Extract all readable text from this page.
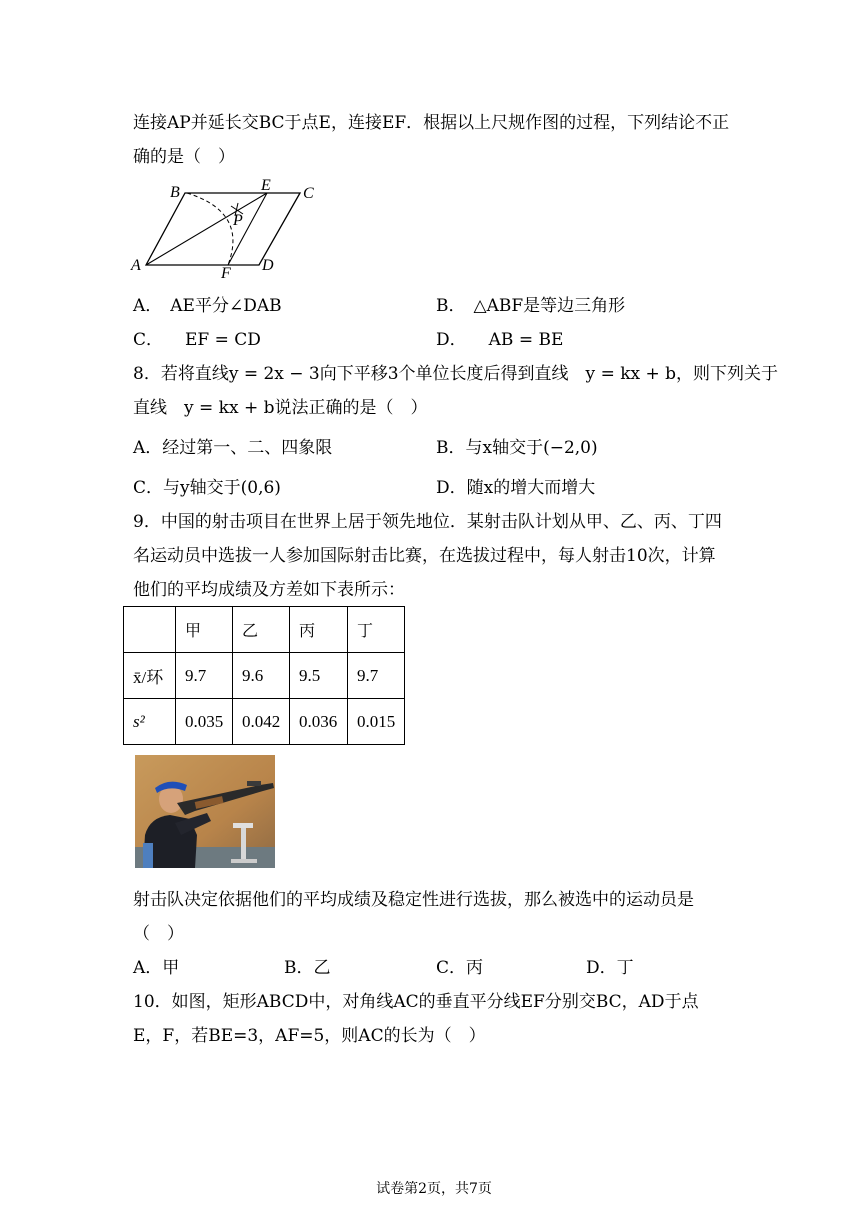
连接AP并延长交BC于点E，连接EF．根据以上尺规作图的过程，下列结论不正
确的是（　）
B	E C
P
A	F D
A． AE平分∠DAB	B． △ABF是等边三角形
C． EF = CD	D． AB = BE
8．若将直线y = 2x − 3向下平移3个单位长度后得到直线　y = kx + b，则下列关于
直线　y = kx + b说法正确的是（　）
A．经过第一、二、四象限	B．与x轴交于(−2,0)
C．与y轴交于(0,6)	D．随x的增大而增大
9．中国的射击项目在世界上居于领先地位．某射击队计划从甲、乙、丙、丁四
名运动员中选拔一人参加国际射击比赛，在选拔过程中，每人射击10次，计算
他们的平均成绩及方差如下表所示：
	甲	乙	丙	丁
x̄/环	9.7	9.6	9.5	9.7
s²	0.035	0.042	0.036	0.015
射击队决定依据他们的平均成绩及稳定性进行选拔，那么被选中的运动员是
（　）
A．甲	B．乙	C．丙	D．丁
10．如图，矩形ABCD中，对角线AC的垂直平分线EF分别交BC，AD于点
E，F，若BE=3，AF=5，则AC的长为（　）
试卷第2页，共7页
